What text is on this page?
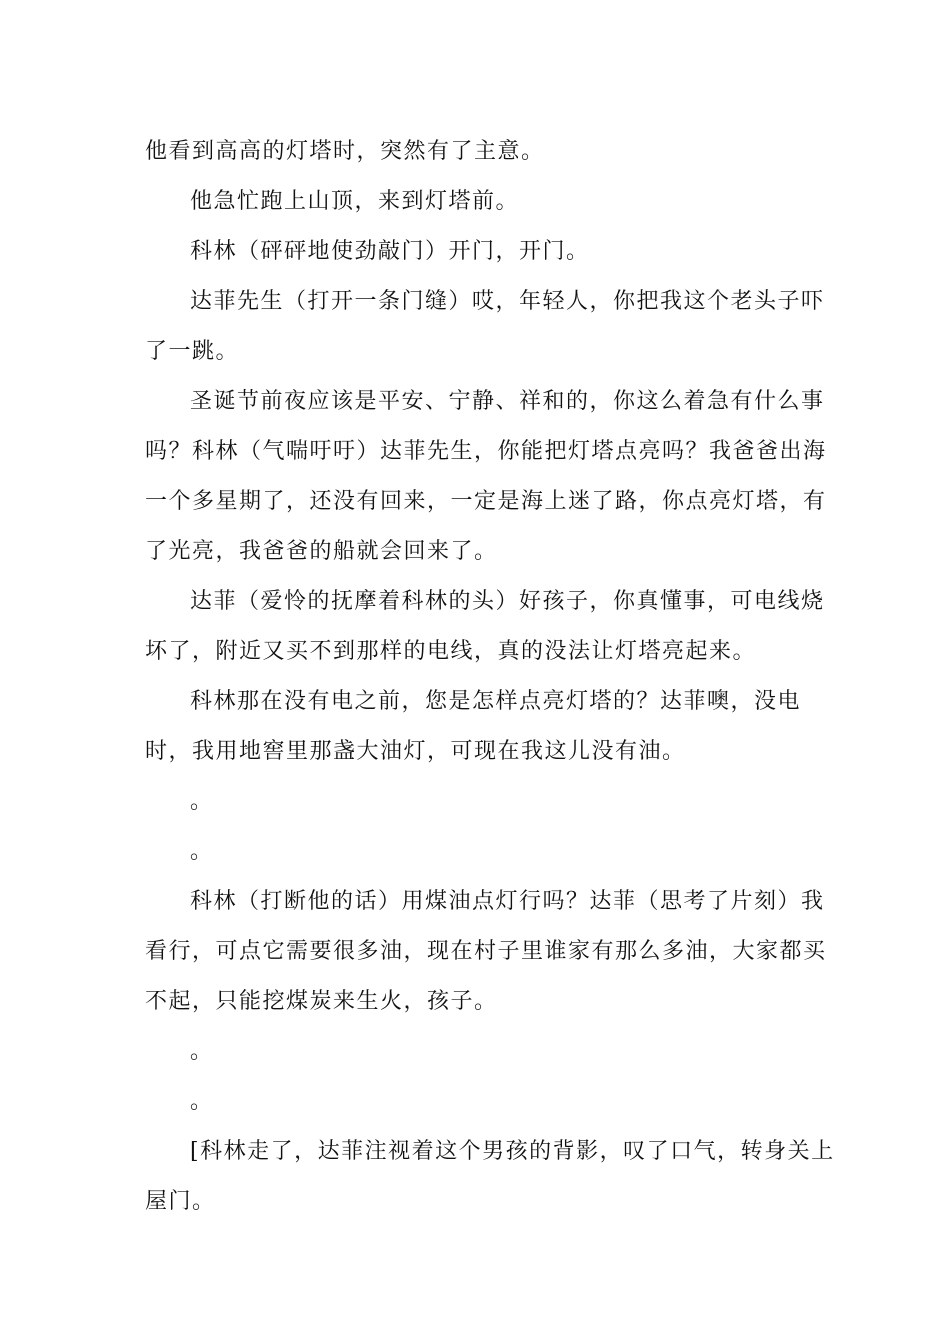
他看到高高的灯塔时，突然有了主意。

他急忙跑上山顶，来到灯塔前。

科林（砰砰地使劲敲门）开门，开门。

达菲先生（打开一条门缝）哎，年轻人，你把我这个老头子吓了一跳。

圣诞节前夜应该是平安、宁静、祥和的，你这么着急有什么事吗？科林（气喘吁吁）达菲先生，你能把灯塔点亮吗？我爸爸出海一个多星期了，还没有回来，一定是海上迷了路，你点亮灯塔，有了光亮，我爸爸的船就会回来了。

达菲（爱怜的抚摩着科林的头）好孩子，你真懂事，可电线烧坏了，附近又买不到那样的电线，真的没法让灯塔亮起来。

科林那在没有电之前，您是怎样点亮灯塔的？达菲噢，没电时，我用地窖里那盏大油灯，可现在我这儿没有油。

。

。

科林（打断他的话）用煤油点灯行吗？达菲（思考了片刻）我看行，可点它需要很多油，现在村子里谁家有那么多油，大家都买不起，只能挖煤炭来生火，孩子。

。

。

[科林走了，达菲注视着这个男孩的背影，叹了口气，转身关上屋门。
